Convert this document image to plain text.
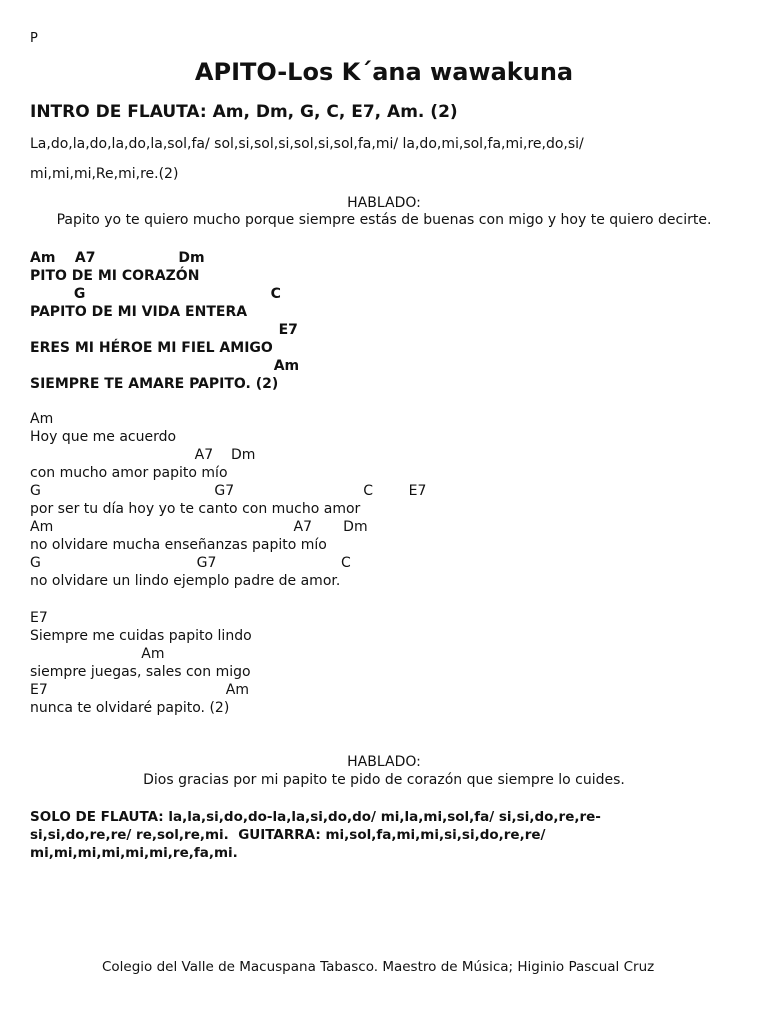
P
APITO-Los K´ana wawakuna
INTRO DE FLAUTA: Am, Dm, G, C, E7, Am. (2)
La,do,la,do,la,do,la,sol,fa/ sol,si,sol,si,sol,si,sol,fa,mi/ la,do,mi,sol,fa,mi,re,do,si/
mi,mi,mi,Re,mi,re.(2)
HABLADO:
Papito yo te quiero mucho porque siempre estás de buenas con migo y hoy te quiero decirte.
Am    A7                 Dm
PITO DE MI CORAZÓN
G                                      C
PAPITO DE MI VIDA ENTERA
E7
ERES MI HÉROE MI FIEL AMIGO
Am
SIEMPRE TE AMARE PAPITO. (2)
Am
Hoy que me acuerdo
A7    Dm
con mucho amor papito mío
G                                       G7                             C        E7
por ser tu día hoy yo te canto con mucho amor
Am                                                      A7       Dm
no olvidare mucha enseñanzas papito mío
G                                   G7                            C
no olvidare un lindo ejemplo padre de amor.
E7
Siempre me cuidas papito lindo
Am
siempre juegas, sales con migo
E7                                        Am
nunca te olvidaré papito. (2)
HABLADO:
Dios gracias por mi papito te pido de corazón que siempre lo cuides.
SOLO DE FLAUTA: la,la,si,do,do-la,la,si,do,do/ mi,la,mi,sol,fa/ si,si,do,re,re-
si,si,do,re,re/ re,sol,re,mi.  GUITARRA: mi,sol,fa,mi,mi,si,si,do,re,re/
mi,mi,mi,mi,mi,mi,re,fa,mi.
Colegio del Valle de Macuspana Tabasco. Maestro de Música; Higinio Pascual Cruz
